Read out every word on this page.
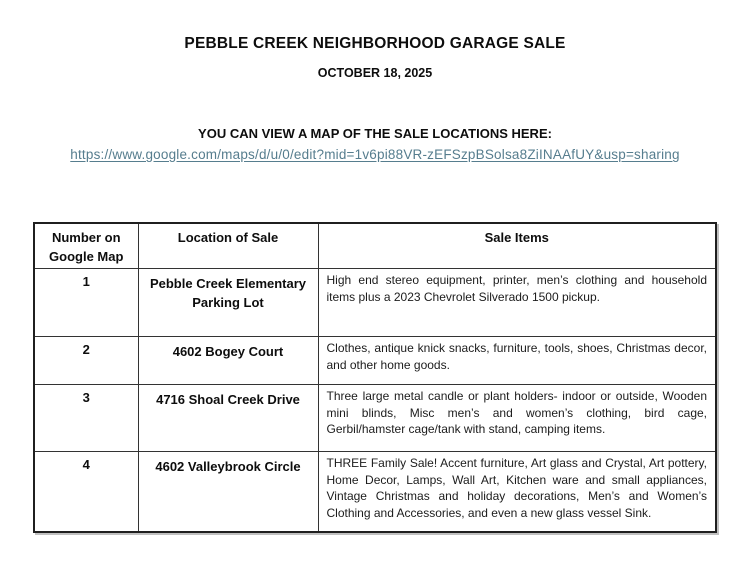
PEBBLE CREEK NEIGHBORHOOD GARAGE SALE
OCTOBER 18, 2025
YOU CAN VIEW A MAP OF THE SALE LOCATIONS HERE:
https://www.google.com/maps/d/u/0/edit?mid=1v6pi88VR-zEFSzpBSolsa8ZiINAAfUY&usp=sharing
Number on Google Map	Location of Sale	Sale Items
1	Pebble Creek Elementary Parking Lot	High end stereo equipment, printer, men’s clothing and household items plus a 2023 Chevrolet Silverado 1500 pickup.
2	4602 Bogey Court	Clothes, antique knick snacks, furniture, tools, shoes, Christmas decor, and other home goods.
3	4716 Shoal Creek Drive	Three large metal candle or plant holders- indoor or outside, Wooden mini blinds, Misc men’s and women’s clothing, bird cage, Gerbil/hamster cage/tank with stand, camping items.
4	4602 Valleybrook Circle	THREE Family Sale! Accent furniture, Art glass and Crystal, Art pottery, Home Decor, Lamps, Wall Art, Kitchen ware and small appliances, Vintage Christmas and holiday decorations, Men’s and Women’s Clothing and Accessories, and even a new glass vessel Sink.
